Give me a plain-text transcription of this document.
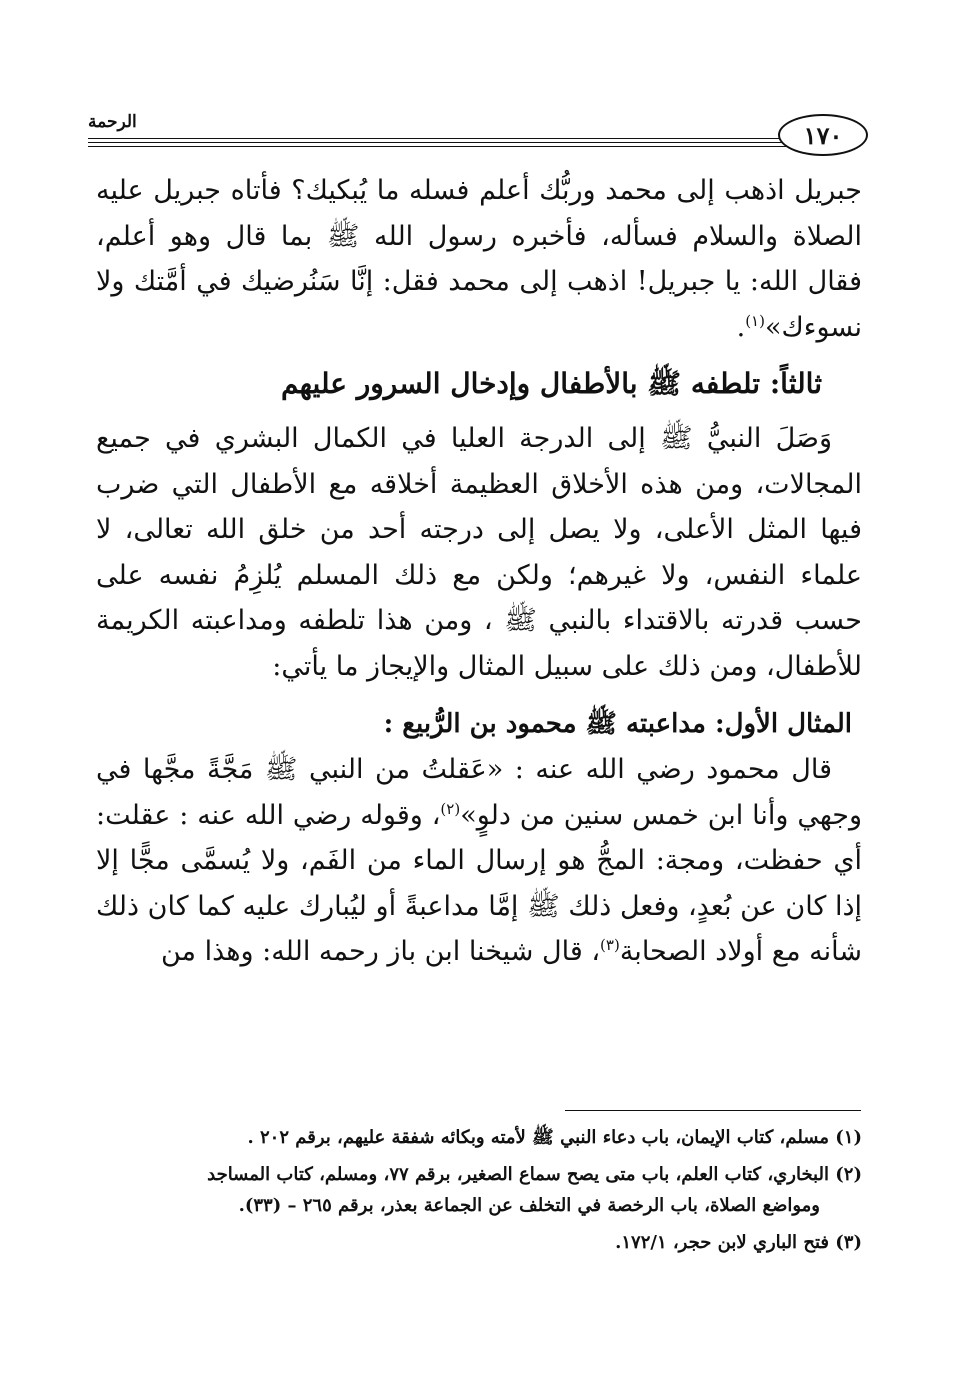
١٧٠
الرحمة

جبريل اذهب إلى محمد وربُّك أعلم فسله ما يُبكيك؟ فأتاه جبريل عليه الصلاة والسلام فسأله، فأخبره رسول الله ﷺ بما قال وهو أعلم، فقال الله: يا جبريل! اذهب إلى محمد فقل: إنَّا سَنُرضيك في أمَّتك ولا نسوءك»$^{(١)}$.

ثالثاً: تلطفه ﷺ بالأطفال وإدخال السرور عليهم

وَصَلَ النبيُّ ﷺ إلى الدرجة العليا في الكمال البشري في جميع المجالات، ومن هذه الأخلاق العظيمة أخلاقه مع الأطفال التي ضرب فيها المثل الأعلى، ولا يصل إلى درجته أحد من خلق الله تعالى، لا علماء النفس، ولا غيرهم؛ ولكن مع ذلك المسلم يُلزِمُ نفسه على حسب قدرته بالاقتداء بالنبي ﷺ ، ومن هذا تلطفه ومداعبته الكريمة للأطفال، ومن ذلك على سبيل المثال والإيجاز ما يأتي:

المثال الأول: مداعبته ﷺ محمود بن الرُّبيع :

قال محمود رضي الله عنه : «عَقلتُ من النبي ﷺ مَجَّةً مجَّها في وجهي وأنا ابن خمس سنين من دلوٍ»$^{(٢)}$، وقوله رضي الله عنه : عقلت: أي حفظت، ومجة: المجُّ هو إرسال الماء من الفَم، ولا يُسمَّى مجًّا إلا إذا كان عن بُعدٍ، وفعل ذلك ﷺ إمَّا مداعبةً أو ليُبارك عليه كما كان ذلك شأنه مع أولاد الصحابة$^{(٣)}$، قال شيخنا ابن باز رحمه الله: وهذا من

(١) مسلم، كتاب الإيمان، باب دعاء النبي ﷺ لأمته وبكائه شفقة عليهم، برقم ٢٠٢ .

(٢) البخاري، كتاب العلم، باب متى يصح سماع الصغير، برقم ٧٧، ومسلم، كتاب المساجد
ومواضع الصلاة، باب الرخصة في التخلف عن الجماعة بعذر، برقم ٢٦٥ – (٣٣).

(٣) فتح الباري لابن حجر، ١٧٢/١.
